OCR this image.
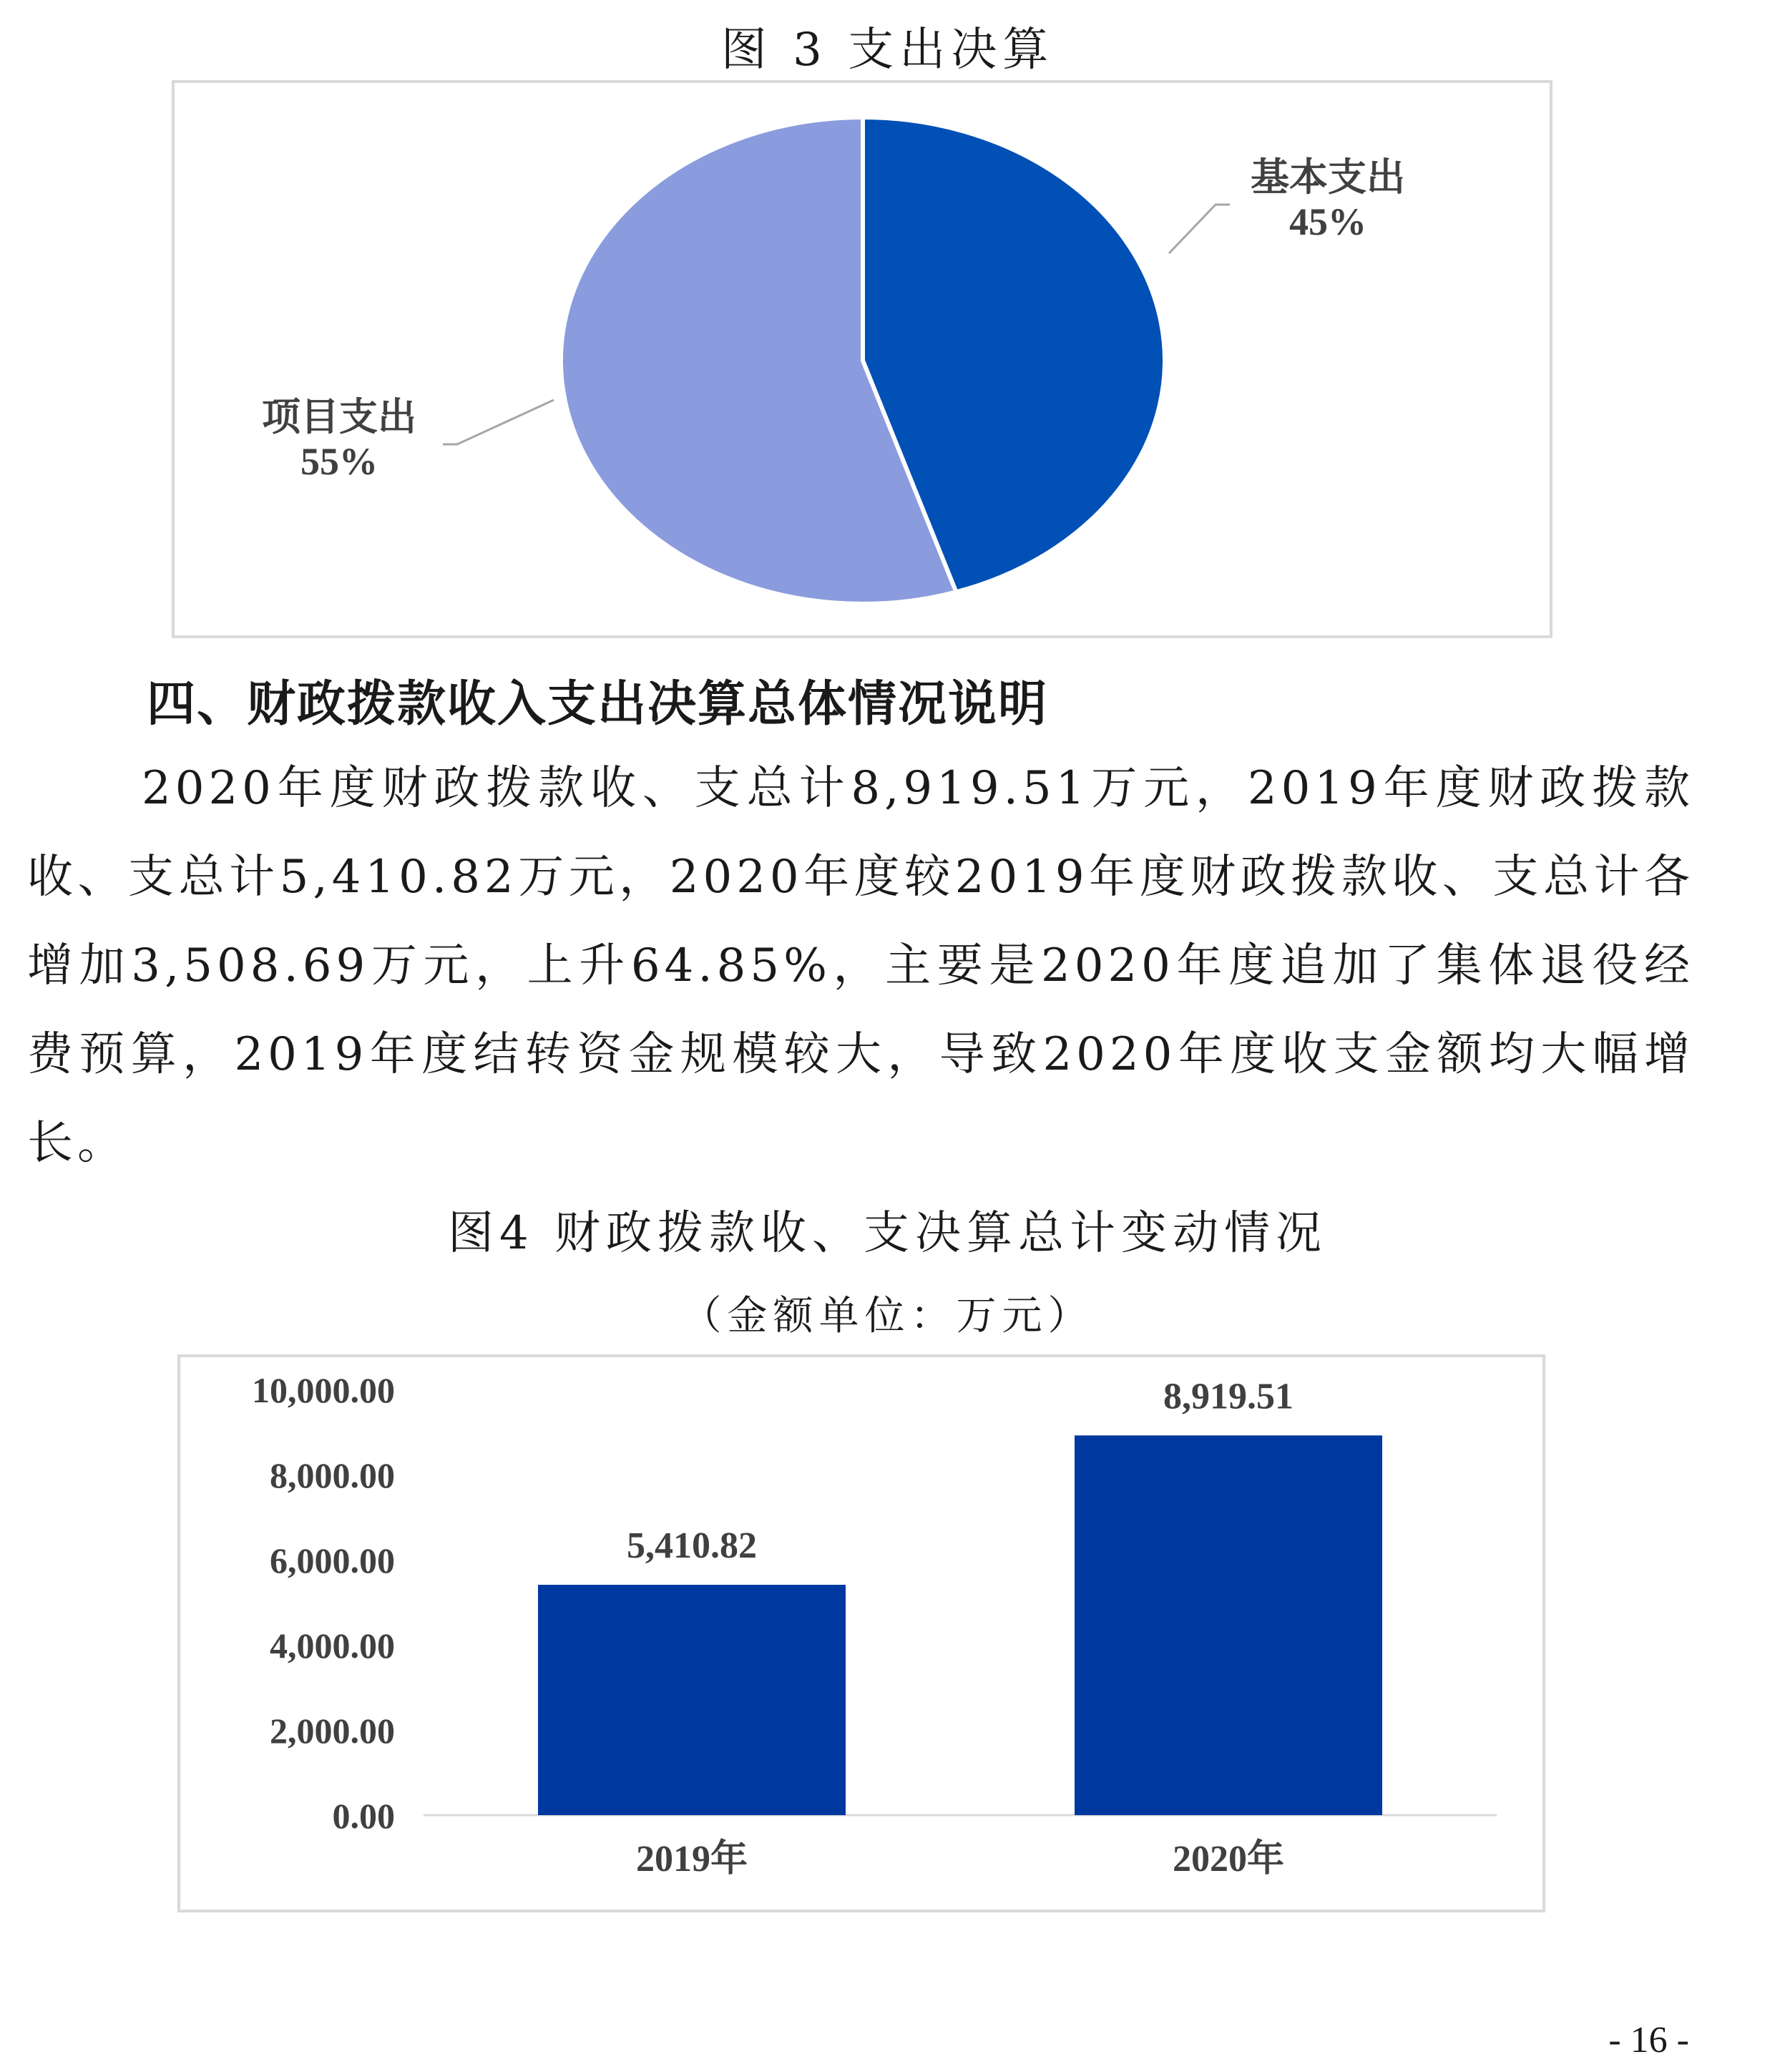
图 3 支出决算
基本支出
45%
项目支出
55%
四、财政拨款收入支出决算总体情况说明
2020年度财政拨款收、支总计8,919.51万元，2019年度财政拨款收、支总计5,410.82万元，2020年度较2019年度财政拨款收、支总计各增加3,508.69万元，上升64.85%，主要是2020年度追加了集体退役经费预算，2019年度结转资金规模较大，导致2020年度收支金额均大幅增长。
图4 财政拨款收、支决算总计变动情况
（金额单位：万元）
0.00
2,000.00
4,000.00
6,000.00
8,000.00
10,000.00
5,410.82
2019年
8,919.51
2020年
- 16 -
